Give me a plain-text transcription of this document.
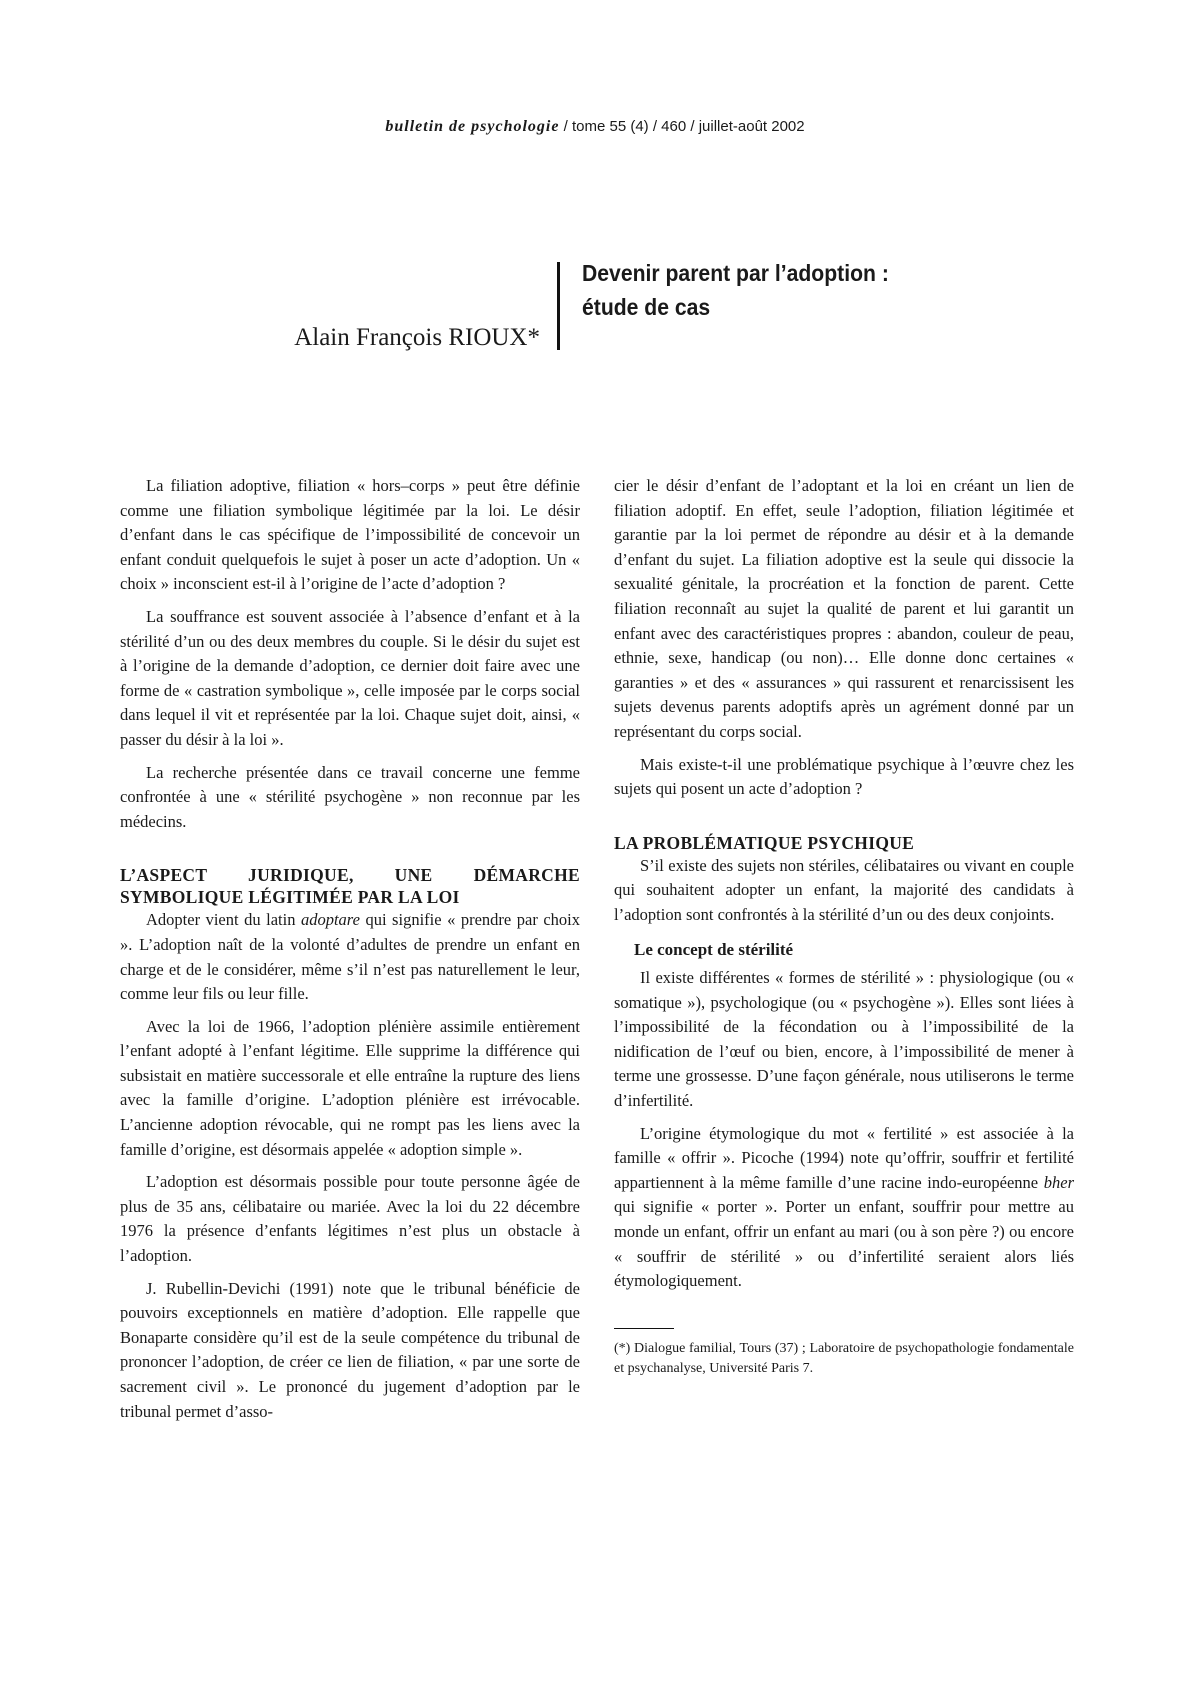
bulletin de psychologie / tome 55 (4) / 460 / juillet-août 2002
Alain François RIOUX*
Devenir parent par l’adoption :
étude de cas

La filiation adoptive, filiation « hors–corps » peut être définie comme une filiation symbolique légitimée par la loi. Le désir d’enfant dans le cas spécifique de l’impossibilité de concevoir un enfant conduit quelquefois le sujet à poser un acte d’adoption. Un « choix » inconscient est-il à l’origine de l’acte d’adoption ?

La souffrance est souvent associée à l’absence d’enfant et à la stérilité d’un ou des deux membres du couple. Si le désir du sujet est à l’origine de la demande d’adoption, ce dernier doit faire avec une forme de « castration symbolique », celle imposée par le corps social dans lequel il vit et représentée par la loi. Chaque sujet doit, ainsi, « passer du désir à la loi ».

La recherche présentée dans ce travail concerne une femme confrontée à une « stérilité psychogène » non reconnue par les médecins.

L’ASPECT JURIDIQUE, UNE DÉMARCHE SYMBOLIQUE LÉGITIMÉE PAR LA LOI

Adopter vient du latin adoptare qui signifie « prendre par choix ». L’adoption naît de la volonté d’adultes de prendre un enfant en charge et de le considérer, même s’il n’est pas naturellement le leur, comme leur fils ou leur fille.

Avec la loi de 1966, l’adoption plénière assimile entièrement l’enfant adopté à l’enfant légitime. Elle supprime la différence qui subsistait en matière successorale et elle entraîne la rupture des liens avec la famille d’origine. L’adoption plénière est irrévocable. L’ancienne adoption révocable, qui ne rompt pas les liens avec la famille d’origine, est désormais appelée « adoption simple ».

L’adoption est désormais possible pour toute personne âgée de plus de 35 ans, célibataire ou mariée. Avec la loi du 22 décembre 1976 la présence d’enfants légitimes n’est plus un obstacle à l’adoption.

J. Rubellin-Devichi (1991) note que le tribunal bénéficie de pouvoirs exceptionnels en matière d’adoption. Elle rappelle que Bonaparte considère qu’il est de la seule compétence du tribunal de prononcer l’adoption, de créer ce lien de filiation, « par une sorte de sacrement civil ». Le prononcé du jugement d’adoption par le tribunal permet d’asso-

cier le désir d’enfant de l’adoptant et la loi en créant un lien de filiation adoptif. En effet, seule l’adoption, filiation légitimée et garantie par la loi permet de répondre au désir et à la demande d’enfant du sujet. La filiation adoptive est la seule qui dissocie la sexualité génitale, la procréation et la fonction de parent. Cette filiation reconnaît au sujet la qualité de parent et lui garantit un enfant avec des caractéristiques propres : abandon, couleur de peau, ethnie, sexe, handicap (ou non)… Elle donne donc certaines « garanties » et des « assurances » qui rassurent et renarcissisent les sujets devenus parents adoptifs après un agrément donné par un représentant du corps social.

Mais existe-t-il une problématique psychique à l’œuvre chez les sujets qui posent un acte d’adoption ?

LA PROBLÉMATIQUE PSYCHIQUE

S’il existe des sujets non stériles, célibataires ou vivant en couple qui souhaitent adopter un enfant, la majorité des candidats à l’adoption sont confrontés à la stérilité d’un ou des deux conjoints.

Le concept de stérilité

Il existe différentes « formes de stérilité » : physiologique (ou « somatique »), psychologique (ou « psychogène »). Elles sont liées à l’impossibilité de la fécondation ou à l’impossibilité de la nidification de l’œuf ou bien, encore, à l’impossibilité de mener à terme une grossesse. D’une façon générale, nous utiliserons le terme d’infertilité.

L’origine étymologique du mot « fertilité » est associée à la famille « offrir ». Picoche (1994) note qu’offrir, souffrir et fertilité appartiennent à la même famille d’une racine indo-européenne bher qui signifie « porter ». Porter un enfant, souffrir pour mettre au monde un enfant, offrir un enfant au mari (ou à son père ?) ou encore « souffrir de stérilité » ou d’infertilité seraient alors liés étymologiquement.

(*) Dialogue familial, Tours (37) ; Laboratoire de psychopathologie fondamentale et psychanalyse, Université Paris 7.
